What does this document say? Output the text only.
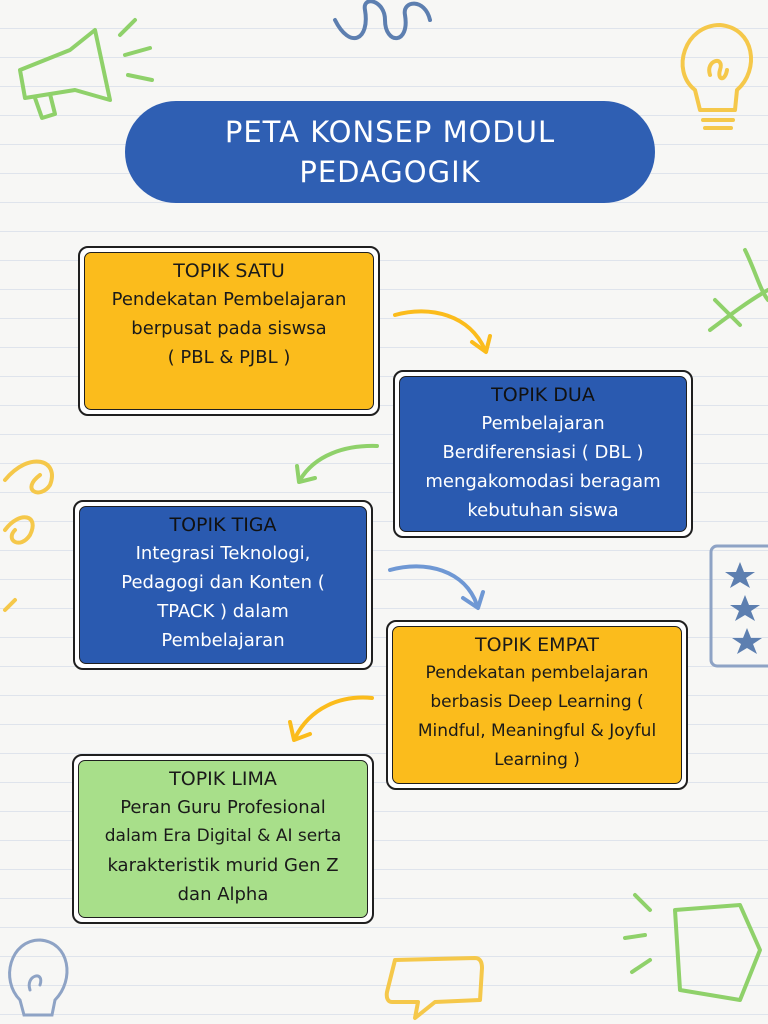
PETA KONSEP MODUL
PEDAGOGIK
TOPIK SATU
Pendekatan Pembelajaran
berpusat pada siswsa
( PBL & PJBL )
TOPIK DUA
Pembelajaran
Berdiferensiasi ( DBL )
mengakomodasi beragam
kebutuhan siswa
TOPIK TIGA
Integrasi Teknologi,
Pedagogi dan Konten (
TPACK ) dalam
Pembelajaran	TOPIK EMPAT
Pendekatan pembelajaran
berbasis Deep Learning (
Mindful, Meaningful & Joyful
Learning )
TOPIK LIMA
Peran Guru Profesional
dalam Era Digital & AI serta
karakteristik murid Gen Z
dan Alpha
